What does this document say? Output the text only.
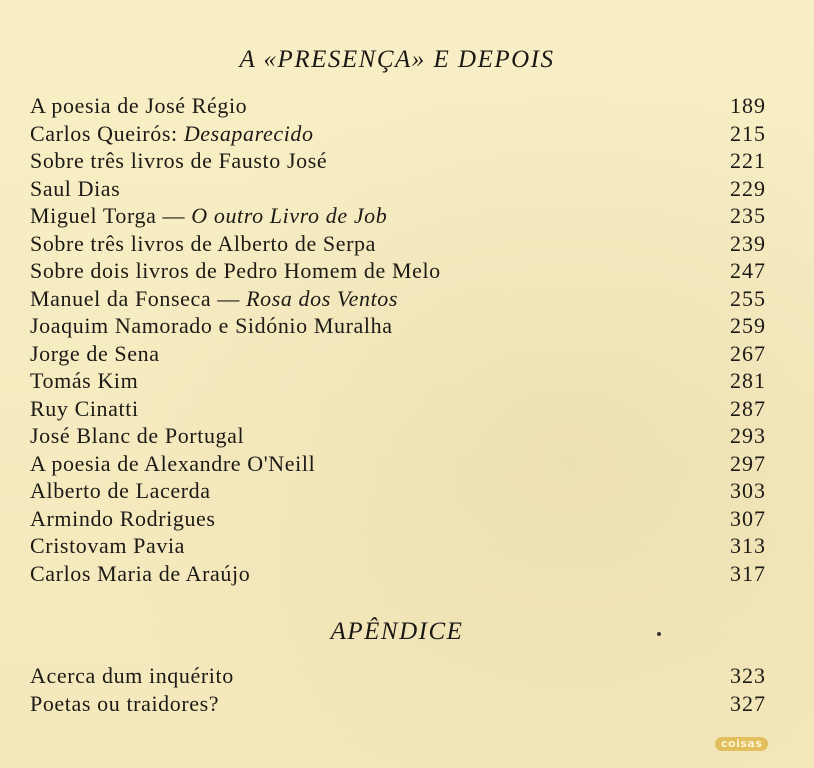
A «PRESENÇA» E DEPOIS
A poesia de José Régio	189
Carlos Queirós: Desaparecido	215
Sobre três livros de Fausto José	221
Saul Dias	229
Miguel Torga — O outro Livro de Job	235
Sobre três livros de Alberto de Serpa	239
Sobre dois livros de Pedro Homem de Melo	247
Manuel da Fonseca — Rosa dos Ventos	255
Joaquim Namorado e Sidónio Muralha	259
Jorge de Sena	267
Tomás Kim	281
Ruy Cinatti	287
José Blanc de Portugal	293
A poesia de Alexandre O'Neill	297
Alberto de Lacerda	303
Armindo Rodrigues	307
Cristovam Pavia	313
Carlos Maria de Araújo	317
APÊNDICE
Acerca dum inquérito	323
Poetas ou traidores?	327
coisas
